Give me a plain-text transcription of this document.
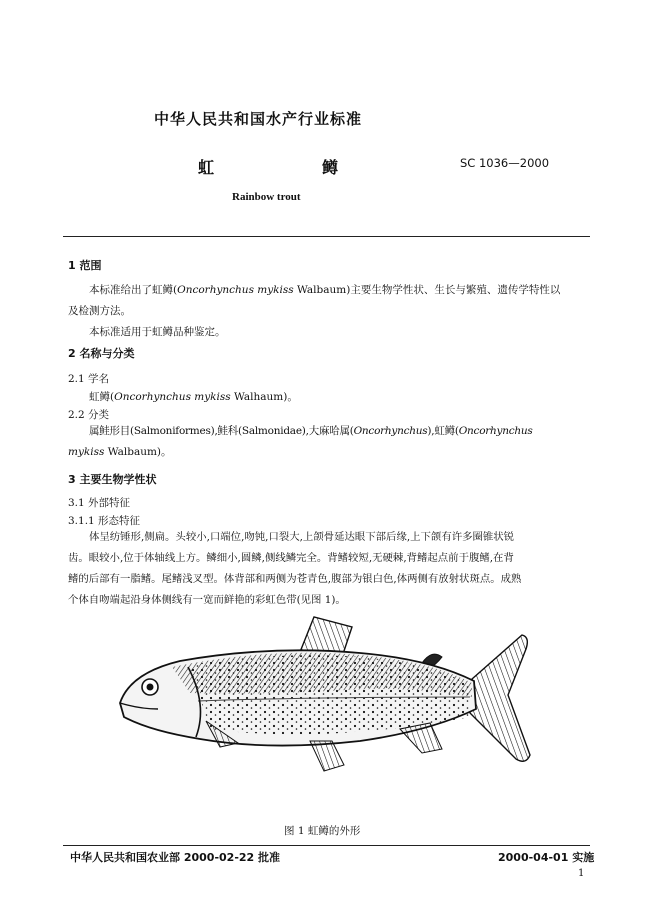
中华人民共和国水产行业标准
虹	鳟	SC 1036—2000
Rainbow trout
1 范围
本标准给出了虹鳟(Oncorhynchus mykiss Walbaum)主要生物学性状、生长与繁殖、遗传学特性以
及检测方法。
本标准适用于虹鳟品种鉴定。
2 名称与分类
2.1 学名
虹鳟(Oncorhynchus mykiss Walhaum)。
2.2 分类
属鲑形目(Salmoniformes),鲑科(Salmonidae),大麻哈属(Oncorhynchus),虹鳟(Oncorhynchus
mykiss Walbaum)。
3 主要生物学性状
3.1 外部特征
3.1.1 形态特征
体呈纺锤形,侧扁。头较小,口端位,吻钝,口裂大,上颌骨延达眼下部后缘,上下颌有许多圈锥状锐
齿。眼较小,位于体轴线上方。鳞细小,圆鳞,侧线鳞完全。背鳍较短,无硬棘,背鳍起点前于腹鳍,在背
鳍的后部有一脂鳍。尾鳍浅叉型。体背部和两侧为苍青色,腹部为银白色,体两侧有放射状斑点。成熟
个体自吻端起沿身体侧线有一宽而鲜艳的彩虹色带(见图 1)。
图 1 虹鳟的外形
中华人民共和国农业部 2000-02-22 批准	2000-04-01 实施
1
